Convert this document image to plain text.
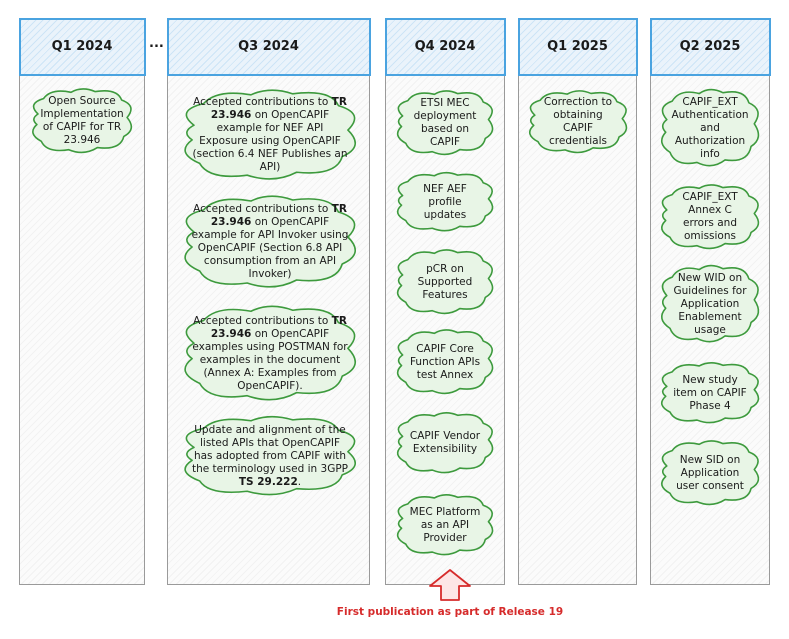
Q1 2024	...	Q3 2024	Q4 2024	Q1 2025	Q2 2025
Open Source Implementation of CAPIF for TR 23.946
Accepted contributions to TR 23.946 on OpenCAPIF example for NEF API Exposure using OpenCAPIF (section 6.4 NEF Publishes an API)
Accepted contributions to TR 23.946 on OpenCAPIF example for API Invoker using OpenCAPIF (Section 6.8 API consumption from an API Invoker)
Accepted contributions to TR 23.946 on OpenCAPIF examples using POSTMAN for examples in the document (Annex A: Examples from OpenCAPIF).
Update and alignment of the listed APIs that OpenCAPIF has adopted from CAPIF with the terminology used in 3GPP TS 29.222.
ETSI MEC deployment based on CAPIF
NEF AEF profile updates
pCR on Supported Features
CAPIF Core Function APIs test Annex
CAPIF Vendor Extensibility
MEC Platform as an API Provider
Correction to obtaining CAPIF credentials
CAPIF_EXT Authentication and Authorization info
CAPIF_EXT Annex C errors and omissions
New WID on Guidelines for Application Enablement usage
New study item on CAPIF Phase 4
New SID on Application user consent
First publication as part of Release 19
